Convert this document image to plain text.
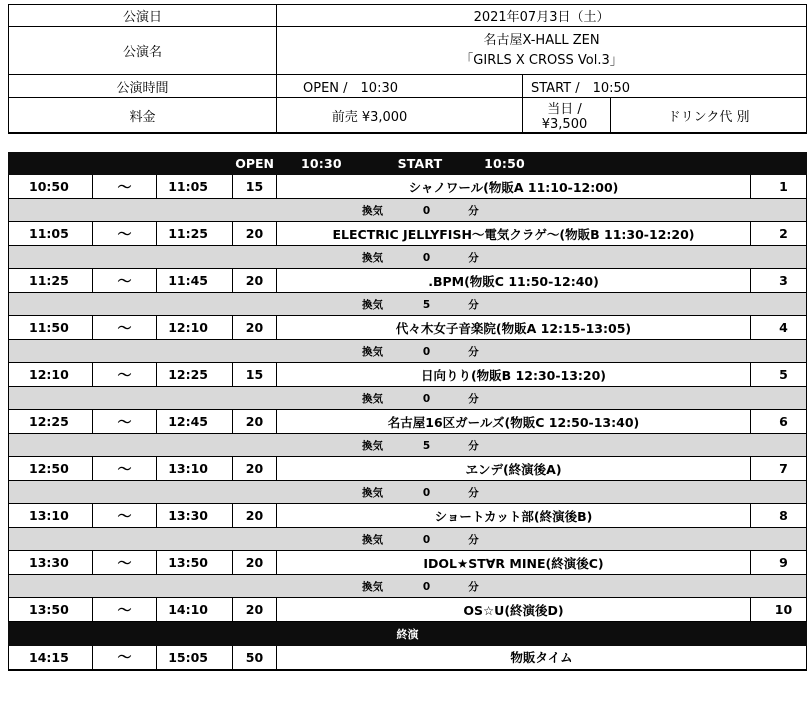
公演日	2021年07月3日（土）		
公演名	名古屋X-HALL ZEN
「GIRLS X CROSS Vol.3」		

公演時間	OPEN /　10:30	START /　10:50	
料金	前売 ¥3,000	当日 /　¥3,500	ドリンク代 別
			OPEN	10:30 START 10:50	
10:50	～	11:05	15	シャノワール(物販A 11:10-12:00)	1
換気 0 分					
11:05	～	11:25	20	ELECTRIC JELLYFISH～電気クラゲ～(物販B 11:30-12:20)	2
換気 0 分					
11:25	～	11:45	20	.BPM(物販C 11:50-12:40)	3
換気 5 分					
11:50	～	12:10	20	代々木女子音楽院(物販A 12:15-13:05)	4
換気 0 分					
12:10	～	12:25	15	日向りり(物販B 12:30-13:20)	5
換気 0 分					
12:25	～	12:45	20	名古屋16区ガールズ(物販C 12:50-13:40)	6
換気 5 分					
12:50	～	13:10	20	ヱンデ(終演後A)	7
換気 0 分					
13:10	～	13:30	20	ショートカット部(終演後B)	8
換気 0 分					
13:30	～	13:50	20	IDOL★ST∀R MINE(終演後C)	9
換気 0 分					
13:50	～	14:10	20	OS☆U(終演後D)	10
終演					
14:15	～	15:05	50	物販タイム	
